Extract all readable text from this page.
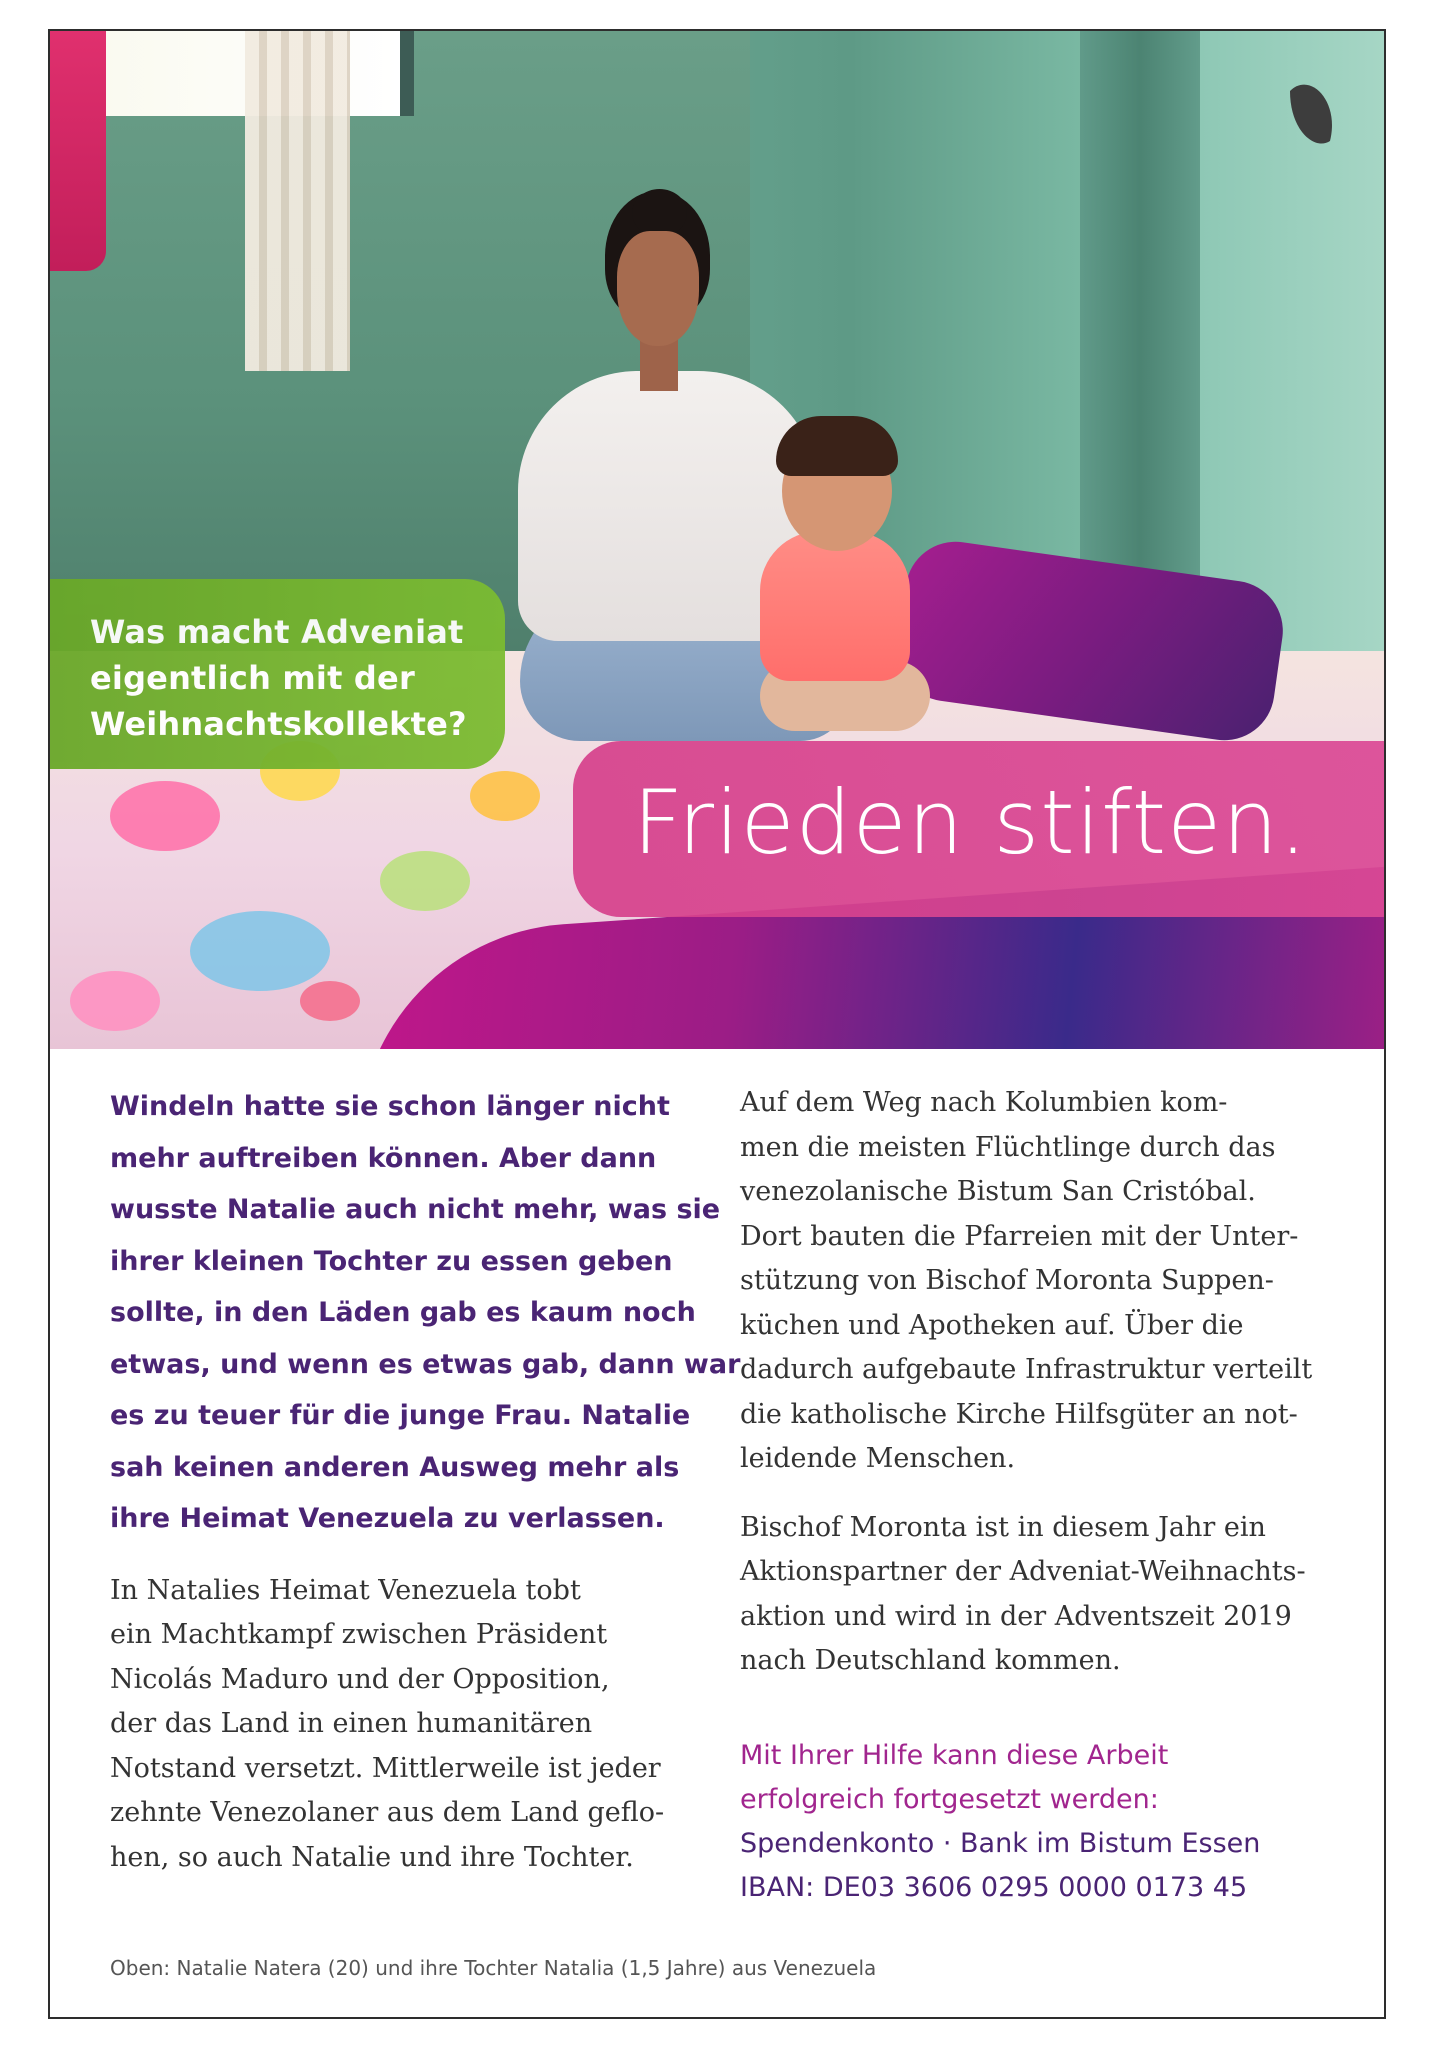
Was macht Adveniat
eigentlich mit der
Weihnachtskollekte?
Frieden stiften.

Windeln hatte sie schon länger nicht
mehr auftreiben können. Aber dann
wusste Natalie auch nicht mehr, was sie
ihrer kleinen Tochter zu essen geben
sollte, in den Läden gab es kaum noch
etwas, und wenn es etwas gab, dann war
es zu teuer für die junge Frau. Natalie
sah keinen anderen Ausweg mehr als
ihre Heimat Venezuela zu verlassen.

In Natalies Heimat Venezuela tobt
ein Machtkampf zwischen Präsident
Nicolás Maduro und der Opposition,
der das Land in einen humanitären
Notstand versetzt. Mittlerweile ist jeder
zehnte Venezolaner aus dem Land geflo-
hen, so auch Natalie und ihre Tochter.

Auf dem Weg nach Kolumbien kom-
men die meisten Flüchtlinge durch das
venezolanische Bistum San Cristóbal.
Dort bauten die Pfarreien mit der Unter-
stützung von Bischof Moronta Suppen-
küchen und Apotheken auf. Über die
dadurch aufgebaute Infrastruktur verteilt
die katholische Kirche Hilfsgüter an not-
leidende Menschen.

Bischof Moronta ist in diesem Jahr ein
Aktionspartner der Adveniat-Weihnachts-
aktion und wird in der Adventszeit 2019
nach Deutschland kommen.

Mit Ihrer Hilfe kann diese Arbeit
erfolgreich fortgesetzt werden:
Spendenkonto · Bank im Bistum Essen
IBAN: DE03 3606 0295 0000 0173 45

Oben: Natalie Natera (20) und ihre Tochter Natalia (1,5 Jahre) aus Venezuela
